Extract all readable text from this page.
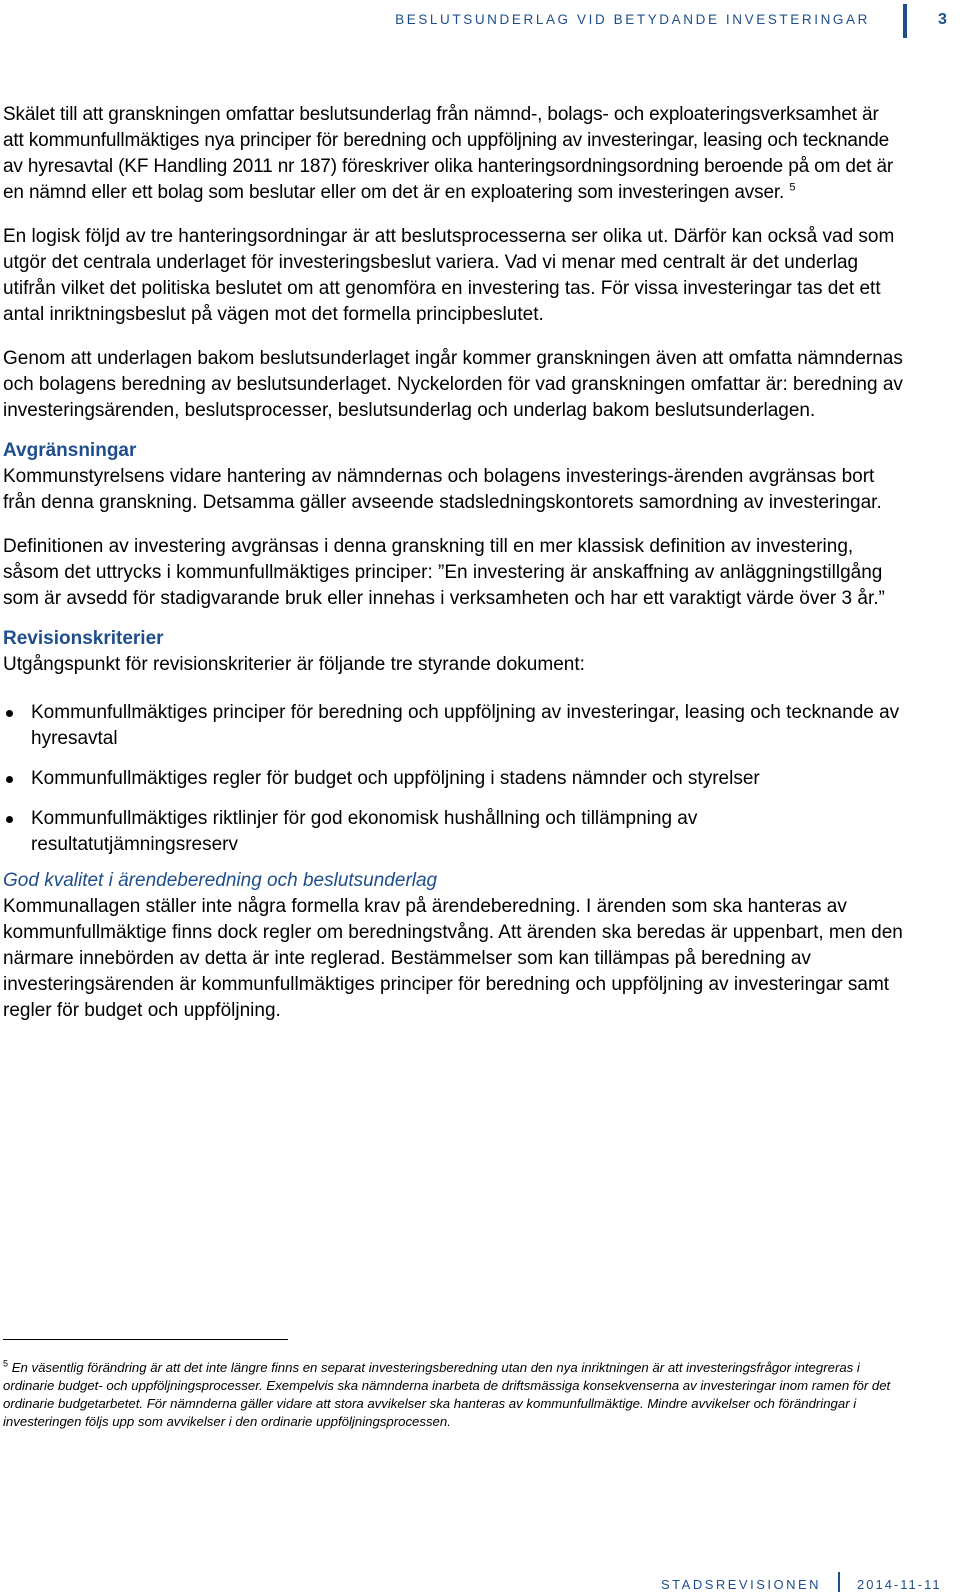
BESLUTSUNDERLAG VID BETYDANDE INVESTERINGAR	3

Skälet till att granskningen omfattar beslutsunderlag från nämnd-, bolags- och exploateringsverksamhet är att kommunfullmäktiges nya principer för beredning och uppföljning av investeringar, leasing och tecknande av hyresavtal (KF Handling 2011 nr 187) föreskriver olika hanteringsordningsordning beroende på om det är en nämnd eller ett bolag som beslutar eller om det är en exploatering som investeringen avser. $^5$

En logisk följd av tre hanteringsordningar är att beslutsprocesserna ser olika ut. Därför kan också vad som utgör det centrala underlaget för investeringsbeslut variera. Vad vi menar med centralt är det underlag utifrån vilket det politiska beslutet om att genomföra en investering tas. För vissa investeringar tas det ett antal inriktningsbeslut på vägen mot det formella principbeslutet.

Genom att underlagen bakom beslutsunderlaget ingår kommer granskningen även att omfatta nämndernas och bolagens beredning av beslutsunderlaget. Nyckelorden för vad granskningen omfattar är: beredning av investeringsärenden, beslutsprocesser, beslutsunderlag och underlag bakom beslutsunderlagen.

Avgränsningar

Kommunstyrelsens vidare hantering av nämndernas och bolagens investerings-ärenden avgränsas bort från denna granskning. Detsamma gäller avseende stadsledningskontorets samordning av investeringar.

Definitionen av investering avgränsas i denna granskning till en mer klassisk definition av investering, såsom det uttrycks i kommunfullmäktiges principer: ”En investering är anskaffning av anläggningstillgång som är avsedd för stadigvarande bruk eller innehas i verksamheten och har ett varaktigt värde över 3 år.”

Revisionskriterier

Utgångspunkt för revisionskriterier är följande tre styrande dokument:

Kommunfullmäktiges principer för beredning och uppföljning av investeringar, leasing och tecknande av hyresavtal
Kommunfullmäktiges regler för budget och uppföljning i stadens nämnder och styrelser
Kommunfullmäktiges riktlinjer för god ekonomisk hushållning och tillämpning av resultatutjämningsreserv
God kvalitet i ärendeberedning och beslutsunderlag

Kommunallagen ställer inte några formella krav på ärendeberedning. I ärenden som ska hanteras av kommunfullmäktige finns dock regler om beredningstvång. Att ärenden ska beredas är uppenbart, men den närmare innebörden av detta är inte reglerad. Bestämmelser som kan tillämpas på beredning av investeringsärenden är kommunfullmäktiges principer för beredning och uppföljning av investeringar samt regler för budget och uppföljning.

$^5$ En väsentlig förändring är att det inte längre finns en separat investeringsberedning utan den nya inriktningen är att investeringsfrågor integreras i ordinarie budget- och uppföljningsprocesser. Exempelvis ska nämnderna inarbeta de driftsmässiga konsekvenserna av investeringar inom ramen för det ordinarie budgetarbetet. För nämnderna gäller vidare att stora avvikelser ska hanteras av kommunfullmäktige. Mindre avvikelser och förändringar i investeringen följs upp som avvikelser i den ordinarie uppföljningsprocessen.
STADSREVISIONEN	2014-11-11
